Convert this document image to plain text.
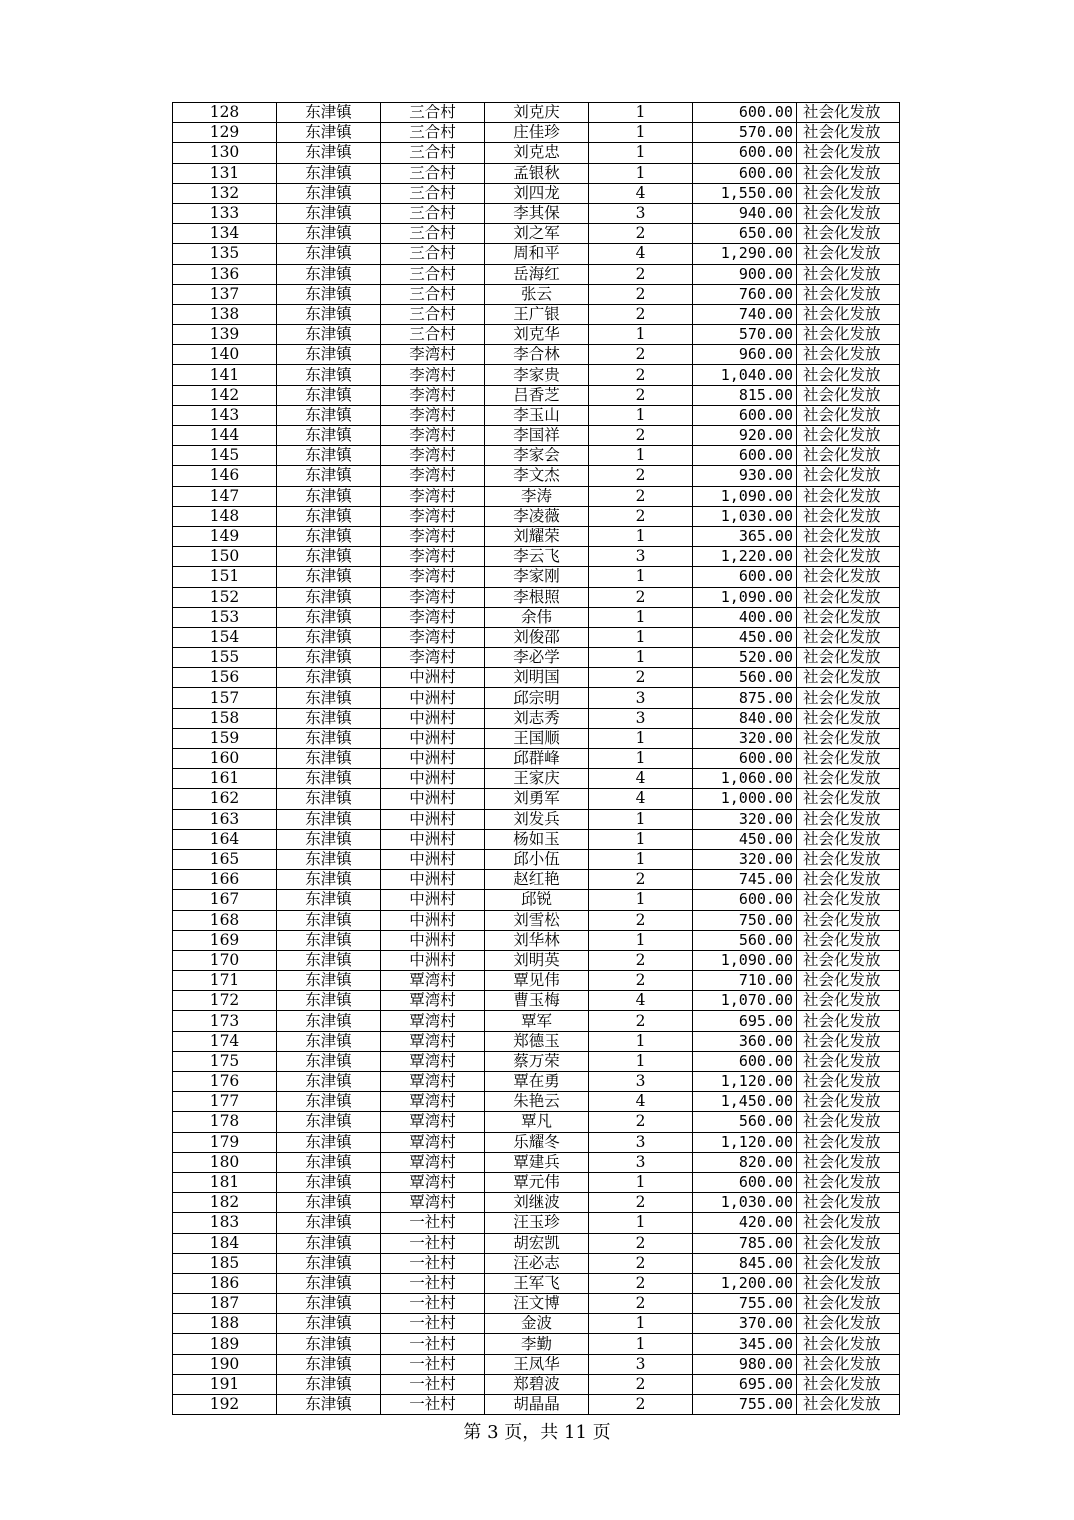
128	东津镇	三合村	刘克庆	1	600.00	社会化发放
129	东津镇	三合村	庄佳珍	1	570.00	社会化发放
130	东津镇	三合村	刘克忠	1	600.00	社会化发放
131	东津镇	三合村	孟银秋	1	600.00	社会化发放
132	东津镇	三合村	刘四龙	4	1,550.00	社会化发放
133	东津镇	三合村	李其保	3	940.00	社会化发放
134	东津镇	三合村	刘之军	2	650.00	社会化发放
135	东津镇	三合村	周和平	4	1,290.00	社会化发放
136	东津镇	三合村	岳海红	2	900.00	社会化发放
137	东津镇	三合村	张云	2	760.00	社会化发放
138	东津镇	三合村	王广银	2	740.00	社会化发放
139	东津镇	三合村	刘克华	1	570.00	社会化发放
140	东津镇	李湾村	李合林	2	960.00	社会化发放
141	东津镇	李湾村	李家贵	2	1,040.00	社会化发放
142	东津镇	李湾村	吕香芝	2	815.00	社会化发放
143	东津镇	李湾村	李玉山	1	600.00	社会化发放
144	东津镇	李湾村	李国祥	2	920.00	社会化发放
145	东津镇	李湾村	李家会	1	600.00	社会化发放
146	东津镇	李湾村	李文杰	2	930.00	社会化发放
147	东津镇	李湾村	李涛	2	1,090.00	社会化发放
148	东津镇	李湾村	李凌薇	2	1,030.00	社会化发放
149	东津镇	李湾村	刘耀荣	1	365.00	社会化发放
150	东津镇	李湾村	李云飞	3	1,220.00	社会化发放
151	东津镇	李湾村	李家刚	1	600.00	社会化发放
152	东津镇	李湾村	李根照	2	1,090.00	社会化发放
153	东津镇	李湾村	余伟	1	400.00	社会化发放
154	东津镇	李湾村	刘俊邵	1	450.00	社会化发放
155	东津镇	李湾村	李必学	1	520.00	社会化发放
156	东津镇	中洲村	刘明国	2	560.00	社会化发放
157	东津镇	中洲村	邱宗明	3	875.00	社会化发放
158	东津镇	中洲村	刘志秀	3	840.00	社会化发放
159	东津镇	中洲村	王国顺	1	320.00	社会化发放
160	东津镇	中洲村	邱群峰	1	600.00	社会化发放
161	东津镇	中洲村	王家庆	4	1,060.00	社会化发放
162	东津镇	中洲村	刘勇军	4	1,000.00	社会化发放
163	东津镇	中洲村	刘发兵	1	320.00	社会化发放
164	东津镇	中洲村	杨如玉	1	450.00	社会化发放
165	东津镇	中洲村	邱小伍	1	320.00	社会化发放
166	东津镇	中洲村	赵红艳	2	745.00	社会化发放
167	东津镇	中洲村	邱锐	1	600.00	社会化发放
168	东津镇	中洲村	刘雪松	2	750.00	社会化发放
169	东津镇	中洲村	刘华林	1	560.00	社会化发放
170	东津镇	中洲村	刘明英	2	1,090.00	社会化发放
171	东津镇	覃湾村	覃见伟	2	710.00	社会化发放
172	东津镇	覃湾村	曹玉梅	4	1,070.00	社会化发放
173	东津镇	覃湾村	覃军	2	695.00	社会化发放
174	东津镇	覃湾村	郑德玉	1	360.00	社会化发放
175	东津镇	覃湾村	蔡万荣	1	600.00	社会化发放
176	东津镇	覃湾村	覃在勇	3	1,120.00	社会化发放
177	东津镇	覃湾村	朱艳云	4	1,450.00	社会化发放
178	东津镇	覃湾村	覃凡	2	560.00	社会化发放
179	东津镇	覃湾村	乐耀冬	3	1,120.00	社会化发放
180	东津镇	覃湾村	覃建兵	3	820.00	社会化发放
181	东津镇	覃湾村	覃元伟	1	600.00	社会化发放
182	东津镇	覃湾村	刘继波	2	1,030.00	社会化发放
183	东津镇	一社村	汪玉珍	1	420.00	社会化发放
184	东津镇	一社村	胡宏凯	2	785.00	社会化发放
185	东津镇	一社村	汪必志	2	845.00	社会化发放
186	东津镇	一社村	王军飞	2	1,200.00	社会化发放
187	东津镇	一社村	汪文博	2	755.00	社会化发放
188	东津镇	一社村	金波	1	370.00	社会化发放
189	东津镇	一社村	李勤	1	345.00	社会化发放
190	东津镇	一社村	王凤华	3	980.00	社会化发放
191	东津镇	一社村	郑碧波	2	695.00	社会化发放
192	东津镇	一社村	胡晶晶	2	755.00	社会化发放
第 3 页，共 11 页
